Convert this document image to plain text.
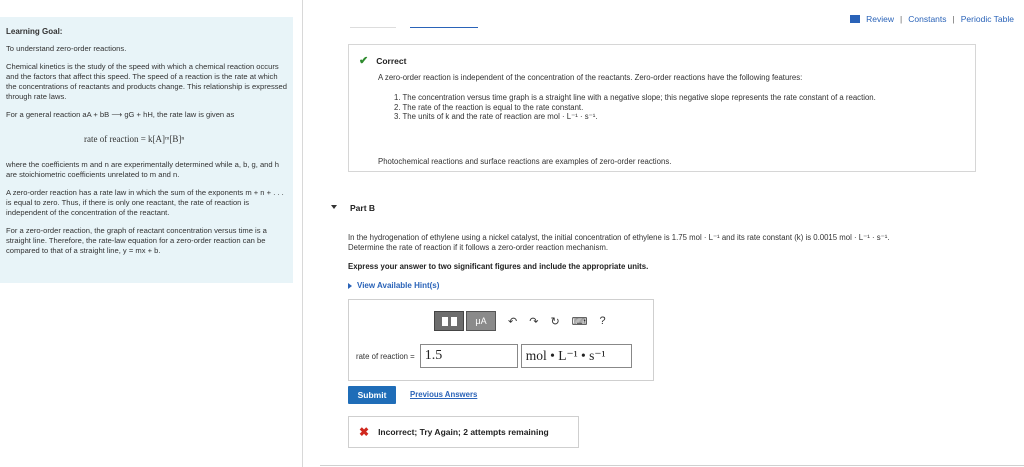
Learning Goal:

To understand zero-order reactions.

Chemical kinetics is the study of the speed with which a chemical reaction occurs and the factors that affect this speed. The speed of a reaction is the rate at which the concentrations of reactants and products change. This relationship is expressed through rate laws.

For a general reaction aA + bB ⟶ gG + hH, the rate law is given as

rate of reaction = k[A]ᵐ[B]ⁿ

where the coefficients m and n are experimentally determined while a, b, g, and h are stoichiometric coefficients unrelated to m and n.

A zero-order reaction has a rate law in which the sum of the exponents m + n + . . . is equal to zero. Thus, if there is only one reactant, the rate of reaction is independent of the concentration of the reactant.

For a zero-order reaction, the graph of reactant concentration versus time is a straight line. Therefore, the rate-law equation for a zero-order reaction can be compared to that of a straight line, y = mx + b.

Review | Constants | Periodic Table
✔ Correct
A zero-order reaction is independent of the concentration of the reactants. Zero-order reactions have the following features:
1. The concentration versus time graph is a straight line with a negative slope; this negative slope represents the rate constant of a reaction.
2. The rate of the reaction is equal to the rate constant.
3. The units of k and the rate of reaction are mol · L⁻¹ · s⁻¹.
Photochemical reactions and surface reactions are examples of zero-order reactions.
Part B
In the hydrogenation of ethylene using a nickel catalyst, the initial concentration of ethylene is 1.75 mol · L⁻¹ and its rate constant (k) is 0.0015 mol · L⁻¹ · s⁻¹.
Determine the rate of reaction if it follows a zero-order reaction mechanism.
Express your answer to two significant figures and include the appropriate units.
View Available Hint(s)
μA	↶ ↷ ↻ ⌨ ?
rate of reaction = 1.5	mol • L⁻¹ • s⁻¹
Submit	Previous Answers
✖ Incorrect; Try Again; 2 attempts remaining
